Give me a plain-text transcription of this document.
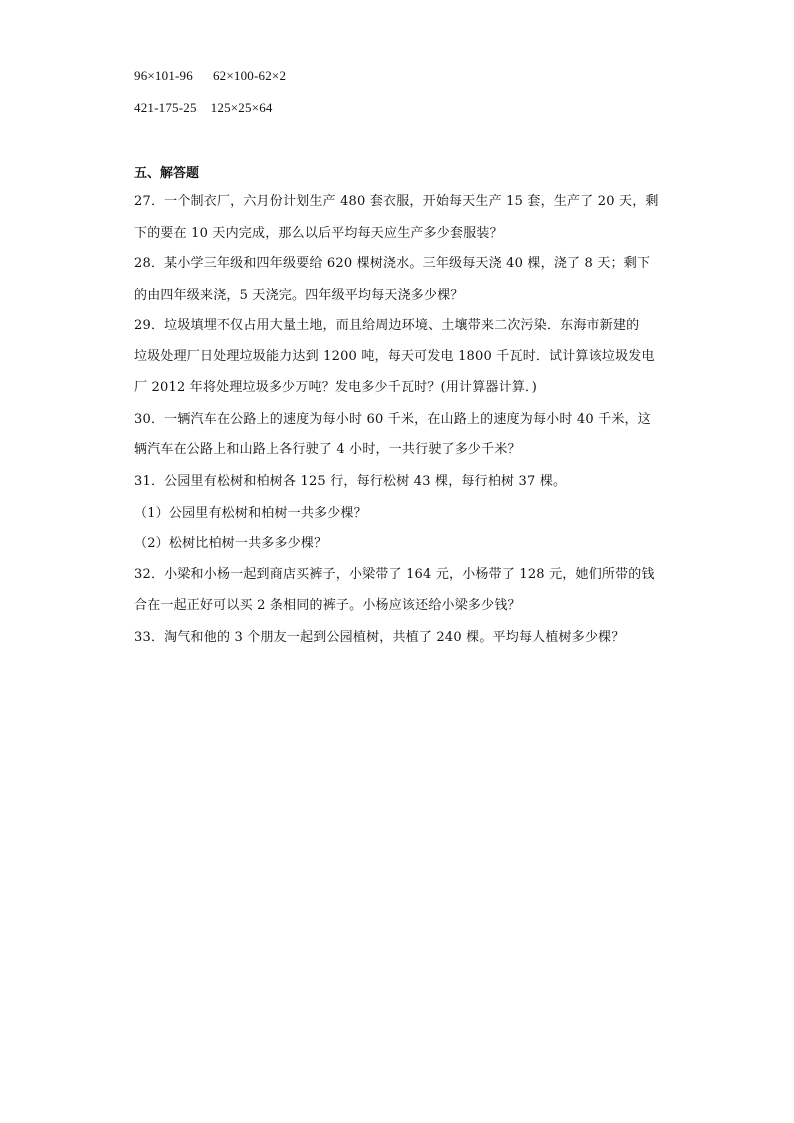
96×101-96 62×100-62×2
421-175-25 125×25×64
五、解答题
27．一个制衣厂，六月份计划生产 480 套衣服，开始每天生产 15 套，生产了 20 天，剩
下的要在 10 天内完成，那么以后平均每天应生产多少套服装？
28．某小学三年级和四年级要给 620 棵树浇水。三年级每天浇 40 棵，浇了 8 天；剩下
的由四年级来浇，5 天浇完。四年级平均每天浇多少棵？
29．垃圾填埋不仅占用大量土地，而且给周边环境、土壤带来二次污染．东海市新建的
垃圾处理厂日处理垃圾能力达到 1200 吨，每天可发电 1800 千瓦时．试计算该垃圾发电
厂 2012 年将处理垃圾多少万吨？发电多少千瓦时？(用计算器计算．)
30．一辆汽车在公路上的速度为每小时 60 千米，在山路上的速度为每小时 40 千米，这
辆汽车在公路上和山路上各行驶了 4 小时，一共行驶了多少千米？
31．公园里有松树和柏树各 125 行，每行松树 43 棵，每行柏树 37 棵。
（1）公园里有松树和柏树一共多少棵？
（2）松树比柏树一共多多少棵？
32．小梁和小杨一起到商店买裤子，小梁带了 164 元，小杨带了 128 元，她们所带的钱
合在一起正好可以买 2 条相同的裤子。小杨应该还给小梁多少钱？
33．淘气和他的 3 个朋友一起到公园植树，共植了 240 棵。平均每人植树多少棵？
